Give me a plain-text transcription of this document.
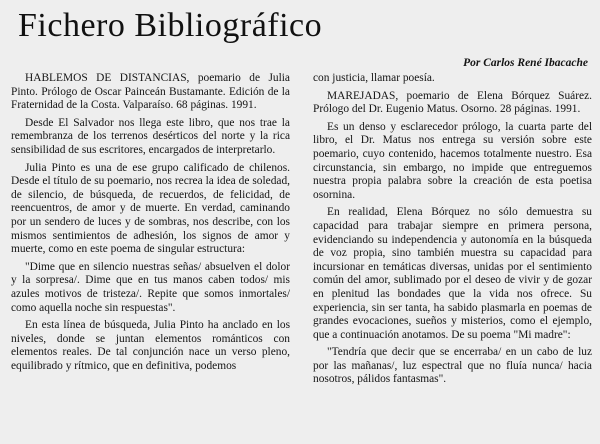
Fichero Bibliográfico
Por Carlos René Ibacache

HABLEMOS DE DISTANCIAS, poemario de Julia Pinto. Prólogo de Oscar Painceán Bustamante. Edición de la Fraternidad de la Costa. Valparaíso. 68 páginas. 1991.

Desde El Salvador nos llega este libro, que nos trae la remembranza de los terrenos desérticos del norte y la rica sensibilidad de sus escritores, encargados de interpretarlo.

Julia Pinto es una de ese grupo calificado de chilenos. Desde el título de su poemario, nos recrea la idea de soledad, de silencio, de búsqueda, de recuerdos, de felicidad, de reencuentros, de amor y de muerte. En verdad, caminando por un sendero de luces y de sombras, nos describe, con los mismos sentimientos de adhesión, los signos de amor y muerte, como en este poema de singular estructura:

"Dime que en silencio nuestras señas/ absuelven el dolor y la sorpresa/. Dime que en tus manos caben todos/ mis azules motivos de tristeza/. Repite que somos inmortales/ como aquella noche sin respuestas".

En esta línea de búsqueda, Julia Pinto ha anclado en los niveles, donde se juntan elementos románticos con elementos reales. De tal conjunción nace un verso pleno, equilibrado y rítmico, que en definitiva, podemos

con justicia, llamar poesía.

MAREJADAS, poemario de Elena Bórquez Suárez. Prólogo del Dr. Eugenio Matus. Osorno. 28 páginas. 1991.

Es un denso y esclarecedor prólogo, la cuarta parte del libro, el Dr. Matus nos entrega su versión sobre este poemario, cuyo contenido, hacemos totalmente nuestro. Esa circunstancia, sin embargo, no impide que entreguemos nuestra propia palabra sobre la creación de esta poetisa osornina.

En realidad, Elena Bórquez no sólo demuestra su capacidad para trabajar siempre en primera persona, evidenciando su independencia y autonomía en la búsqueda de voz propia, sino también muestra su capacidad para incursionar en temáticas diversas, unidas por el sentimiento común del amor, sublimado por el deseo de vivir y de gozar en plenitud las bondades que la vida nos ofrece. Su experiencia, sin ser tanta, ha sabido plasmarla en poemas de grandes evocaciones, sueños y misterios, como el ejemplo, que a continuación anotamos. De su poema "Mi madre":

"Tendría que decir que se encerraba/ en un cabo de luz por las mañanas/, luz espectral que no fluía nunca/ hacia nosotros, pálidos fantasmas".
